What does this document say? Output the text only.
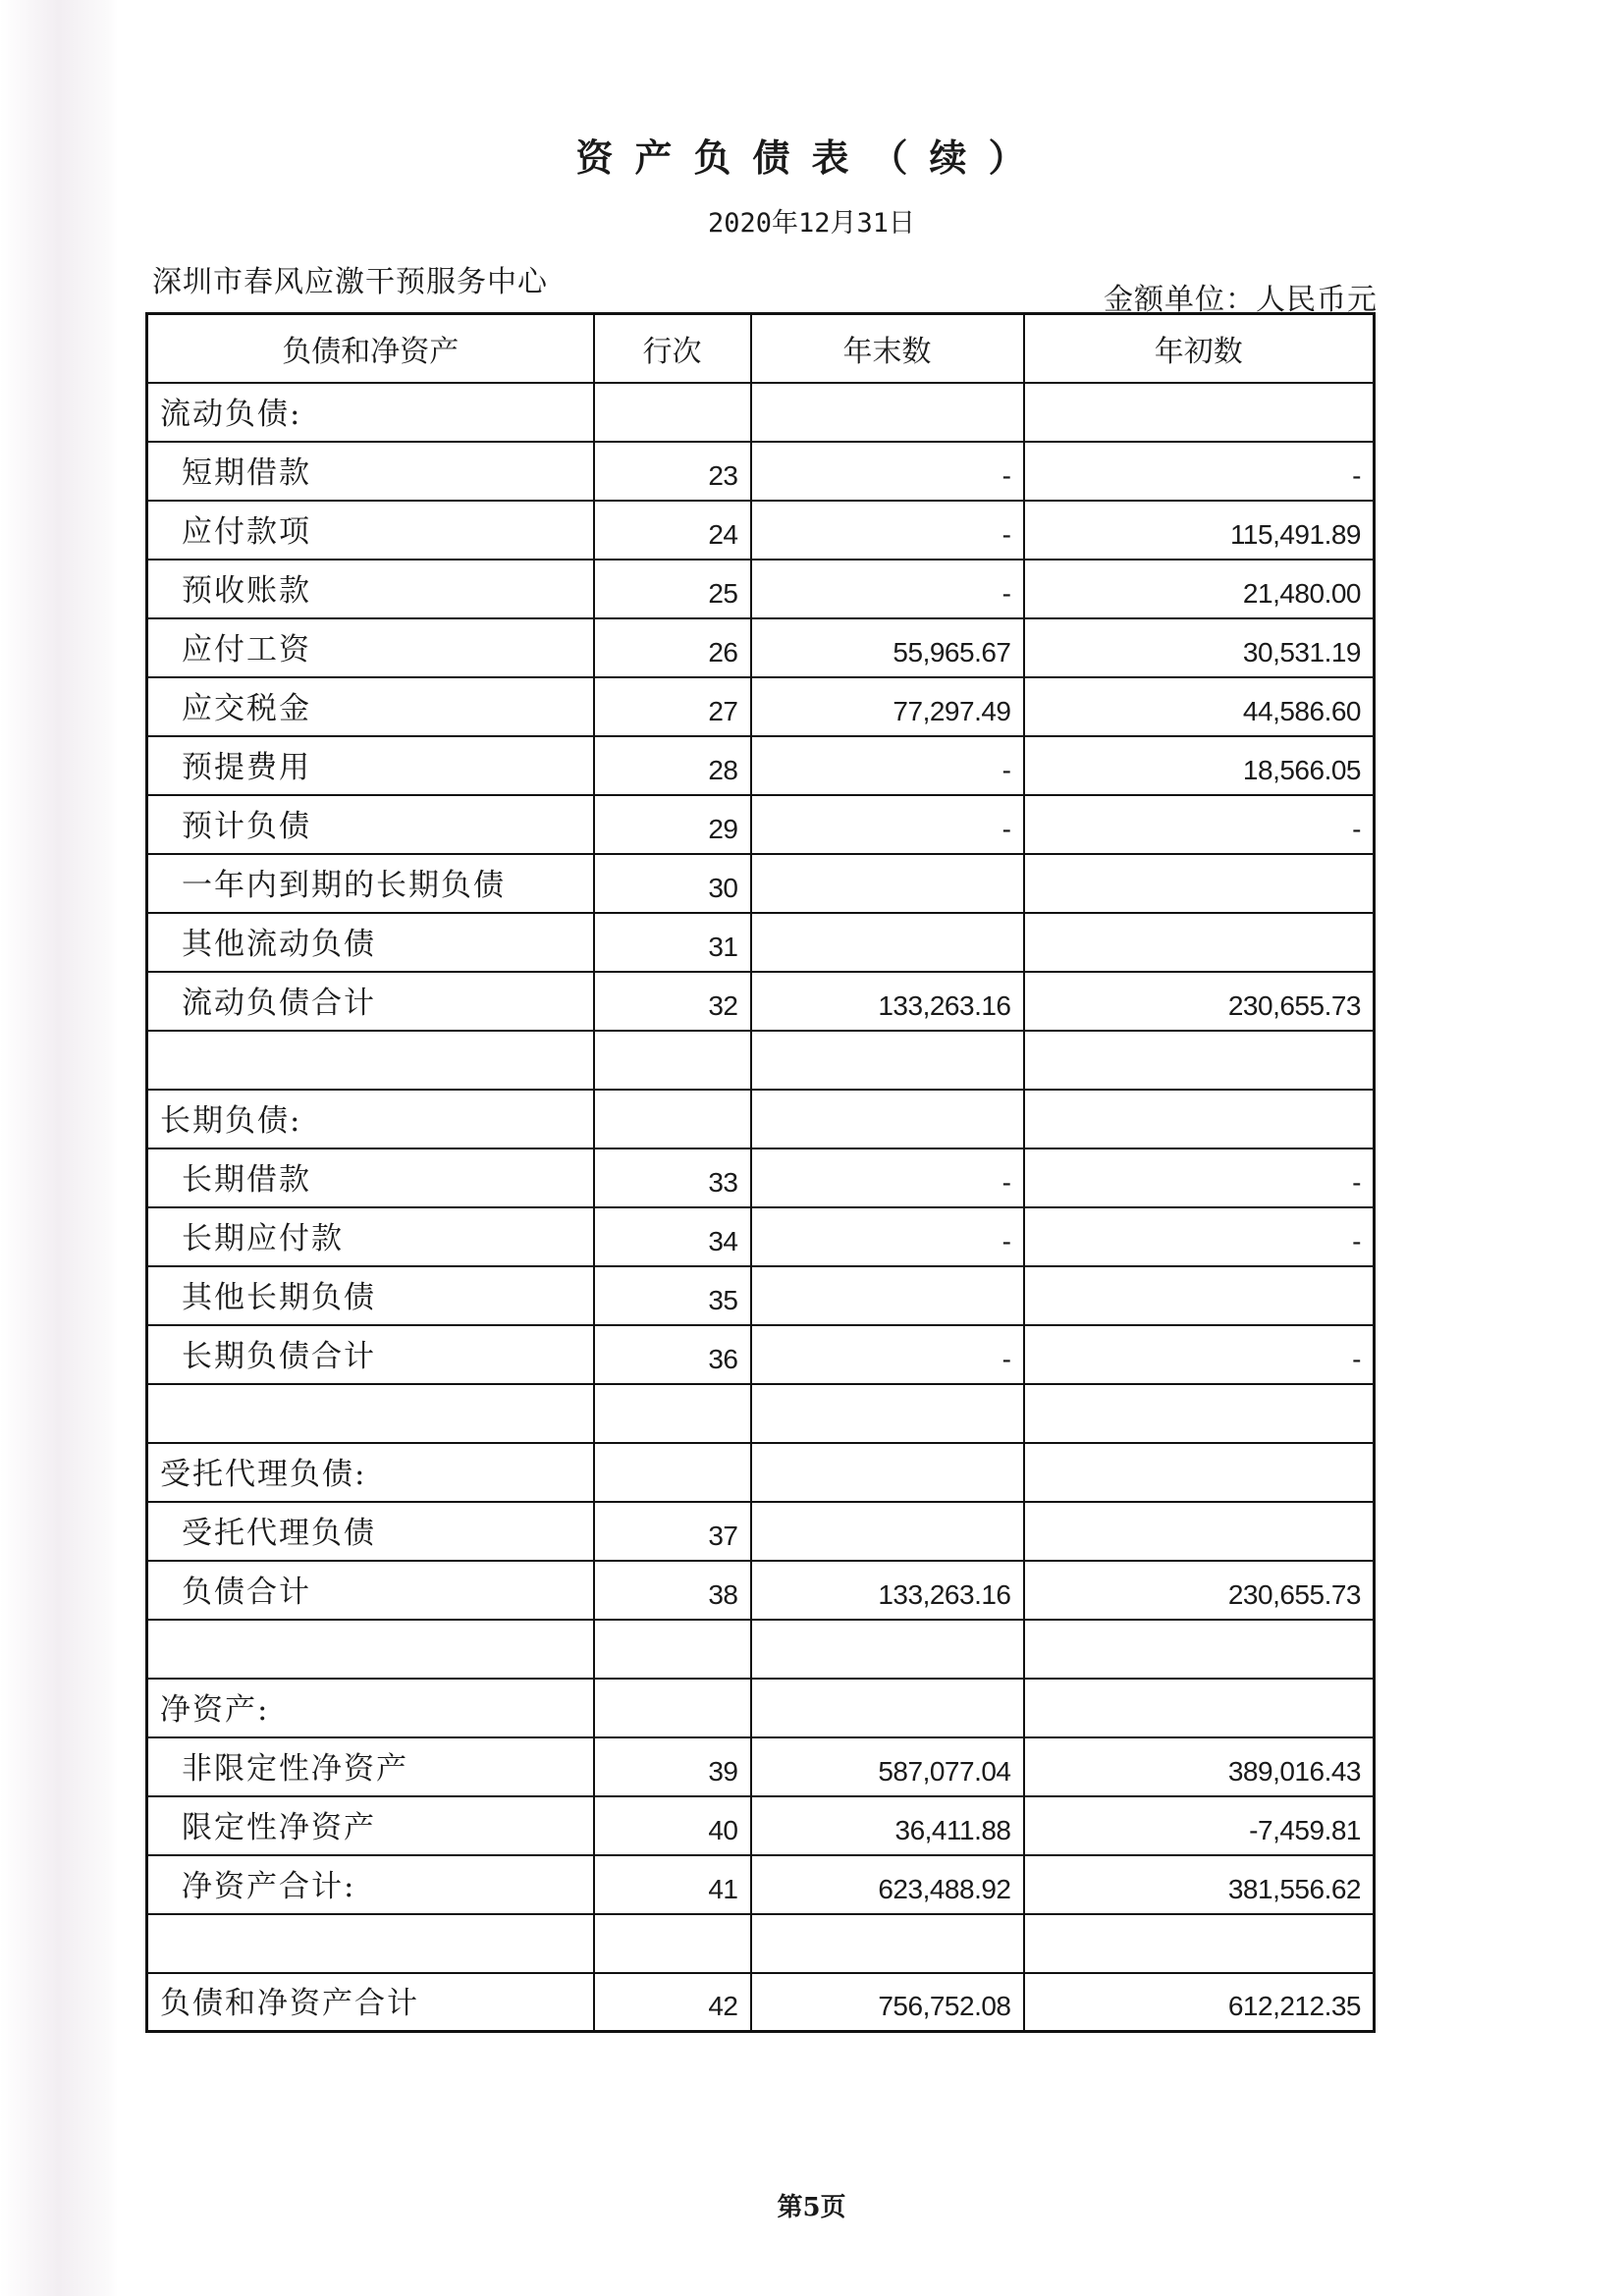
资产负债表（续）
2020年12月31日
深圳市春风应激干预服务中心
金额单位：人民币元
负债和净资产	行次	年末数	年初数
流动负债:			
短期借款	23	-	-
应付款项	24	-	115,491.89
预收账款	25	-	21,480.00
应付工资	26	55,965.67	30,531.19
应交税金	27	77,297.49	44,586.60
预提费用	28	-	18,566.05
预计负债	29	-	-
一年内到期的长期负债	30		
其他流动负债	31		
流动负债合计	32	133,263.16	230,655.73

长期负债:			
长期借款	33	-	-
长期应付款	34	-	-
其他长期负债	35		
长期负债合计	36	-	-

受托代理负债:			
受托代理负债	37		
负债合计	38	133,263.16	230,655.73

净资产:			
非限定性净资产	39	587,077.04	389,016.43
限定性净资产	40	36,411.88	-7,459.81
净资产合计:	41	623,488.92	381,556.62

负债和净资产合计	42	756,752.08	612,212.35
第5页
